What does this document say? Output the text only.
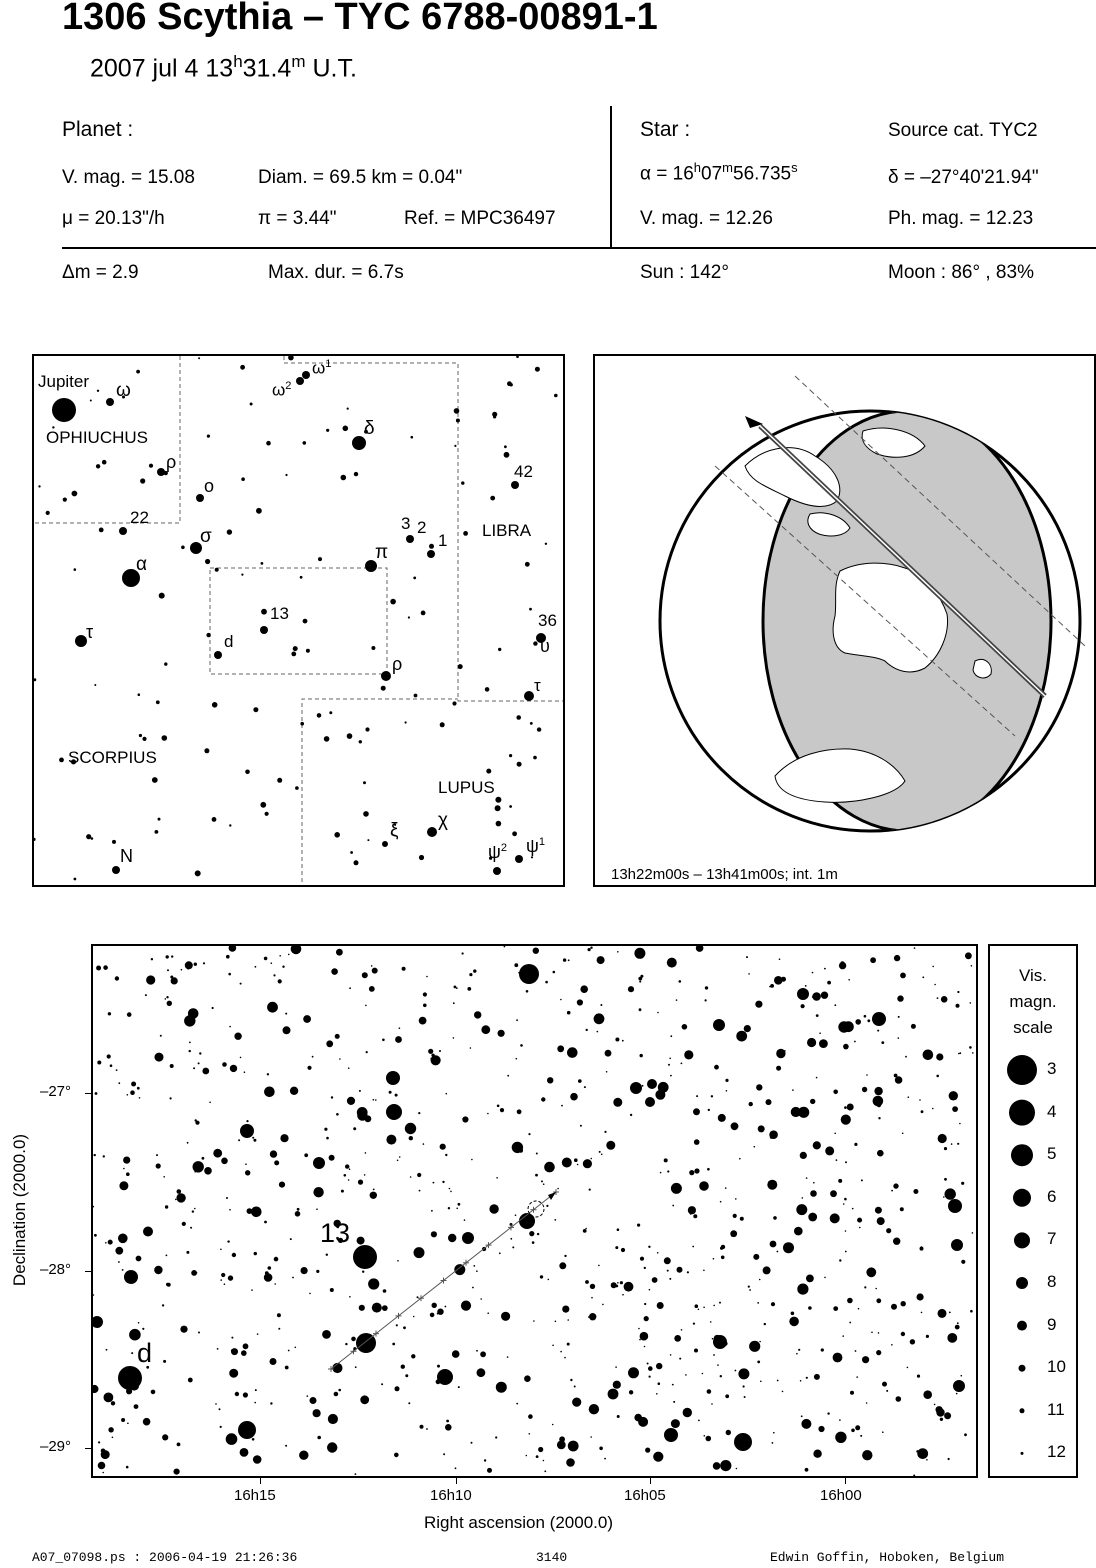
1306 Scythia – TYC 6788-00891-1
2007 jul 4 13$^h$31.4$^m$ U.T.
Planet :
V. mag. = 15.08	Diam. = 69.5 km = 0.04"
μ = 20.13"/h	π = 3.44"	Ref. = MPC36497
Star :	Source cat. TYC2
$\alpha = 16^h07^m56.735^s$	δ = –27°40'21.94"
V. mag. = 12.26	Ph. mag. = 12.23
Δm = 2.9	Max. dur. = 6.7s	Sun : 142°	Moon : 86° , 83%
Jupiter
OPHIUCHUS
LIBRA
SCORPIUS
LUPUS
ω	$\omega^2$
$\omega^1$
ρ
ο
δ
22
σ
α
τ
π
3 2
1
42
13
d
36
υ
ρ
τ
ξ χ
$\psi^2$ $\psi^1$
N
13h22m00s – 13h41m00s; int. 1m
13
d
–27°
–28°
–29°
Declination (2000.0)
16h15	16h10	16h05	16h00
Right ascension (2000.0)
Vis.
magn.
scale
3
4
5
6
7
8
9
10
11
12
A07_07098.ps : 2006-04-19 21:26:36	3140	Edwin Goffin, Hoboken, Belgium
